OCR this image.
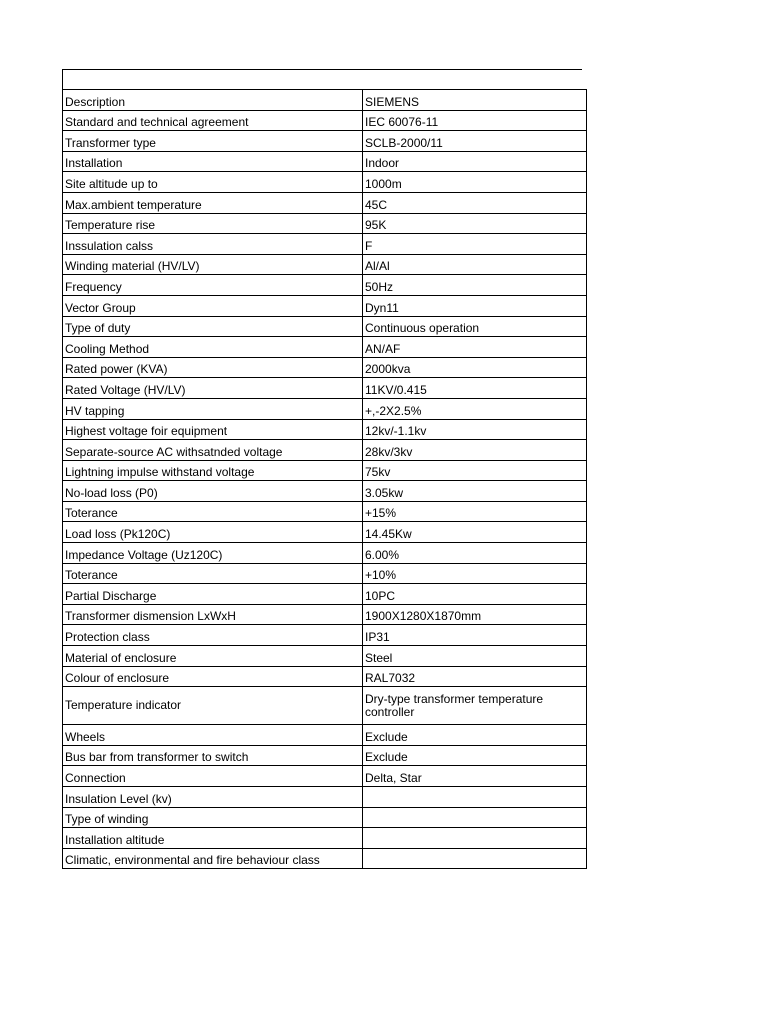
Description	SIEMENS
Standard and technical agreement	IEC 60076-11
Transformer type	SCLB-2000/11
Installation	Indoor
Site altitude up to	1000m
Max.ambient temperature	45C
Temperature rise	95K
Inssulation calss	F
Winding material (HV/LV)	Al/Al
Frequency	50Hz
Vector Group	Dyn11
Type of duty	Continuous operation
Cooling Method	AN/AF
Rated power (KVA)	2000kva
Rated Voltage (HV/LV)	11KV/0.415
HV tapping	+,-2X2.5%
Highest voltage foir equipment	12kv/-1.1kv
Separate-source AC withsatnded voltage	28kv/3kv
Lightning impulse withstand voltage	75kv
No-load loss (P0)	3.05kw
Toterance	+15%
Load loss (Pk120C)	14.45Kw
Impedance Voltage (Uz120C)	6.00%
Toterance	+10%
Partial Discharge	10PC
Transformer dismension LxWxH	1900X1280X1870mm
Protection class	IP31
Material of enclosure	Steel
Colour of enclosure	RAL7032
Temperature indicator	Dry-type transformer temperature controller
Wheels	Exclude
Bus bar from transformer to switch	Exclude
Connection	Delta, Star
Insulation Level (kv)	
Type of winding	
Installation altitude	
Climatic, environmental and fire behaviour class	
